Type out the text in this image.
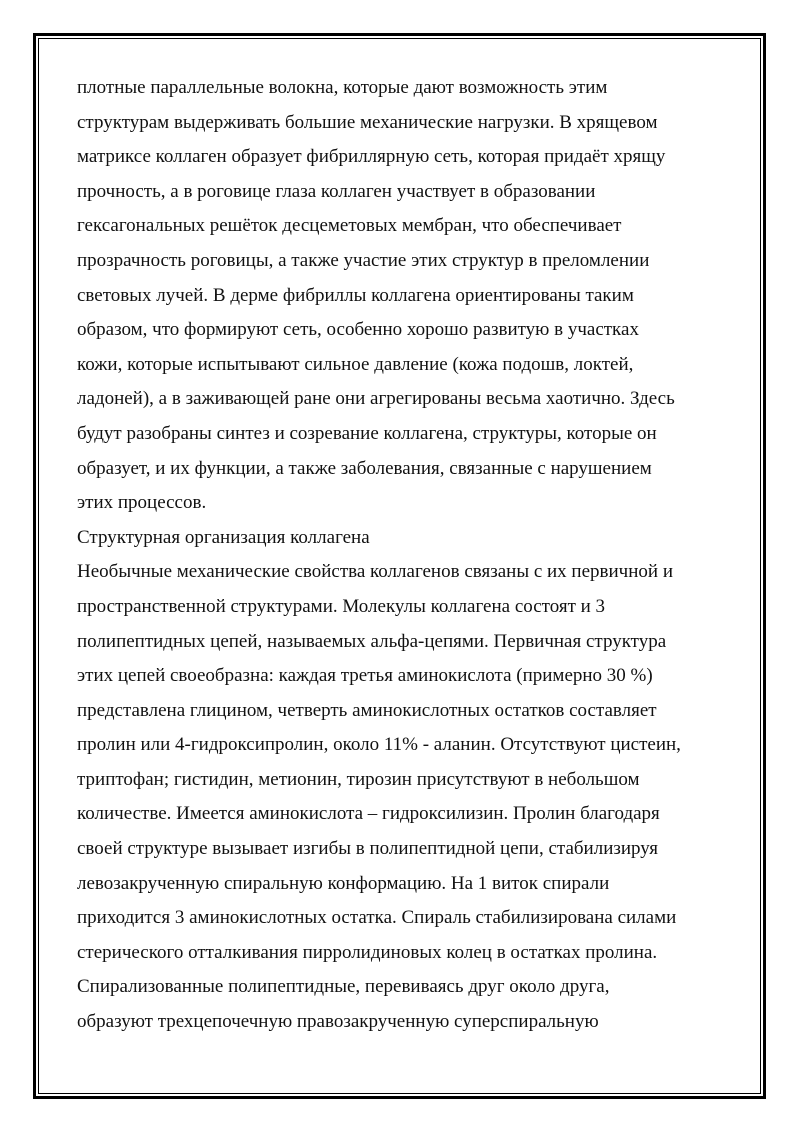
плотные параллельные волокна, которые дают возможность этим
структурам выдерживать большие механические нагрузки. В хрящевом
матриксе коллаген образует фибриллярную сеть, которая придаёт хрящу
прочность, а в роговице глаза коллаген участвует в образовании
гексагональных решёток десцеметовых мембран, что обеспечивает
прозрачность роговицы, а также участие этих структур в преломлении
световых лучей. В дерме фибриллы коллагена ориентированы таким
образом, что формируют сеть, особенно хорошо развитую в участках
кожи, которые испытывают сильное давление (кожа подошв, локтей,
ладоней), а в заживающей ране они агрегированы весьма хаотично. Здесь
будут разобраны синтез и созревание коллагена, структуры, которые он
образует, и их функции, а также заболевания, связанные с нарушением
этих процессов.
Структурная организация коллагена
Необычные механические свойства коллагенов связаны с их первичной и
пространственной структурами. Молекулы коллагена состоят и 3
полипептидных цепей, называемых альфа-цепями. Первичная структура
этих цепей своеобразна: каждая третья аминокислота (примерно 30 %)
представлена глицином, четверть аминокислотных остатков составляет
пролин или 4-гидроксипролин, около 11% - аланин. Отсутствуют цистеин,
триптофан; гистидин, метионин, тирозин присутствуют в небольшом
количестве. Имеется аминокислота – гидроксилизин. Пролин благодаря
своей структуре вызывает изгибы в полипептидной цепи, стабилизируя
левозакрученную спиральную конформацию. На 1 виток спирали
приходится 3 аминокислотных остатка. Спираль стабилизирована силами
стерического отталкивания пирролидиновых колец в остатках пролина.
Спирализованные полипептидные, перевиваясь друг около друга,
образуют трехцепочечную правозакрученную суперспиральную
